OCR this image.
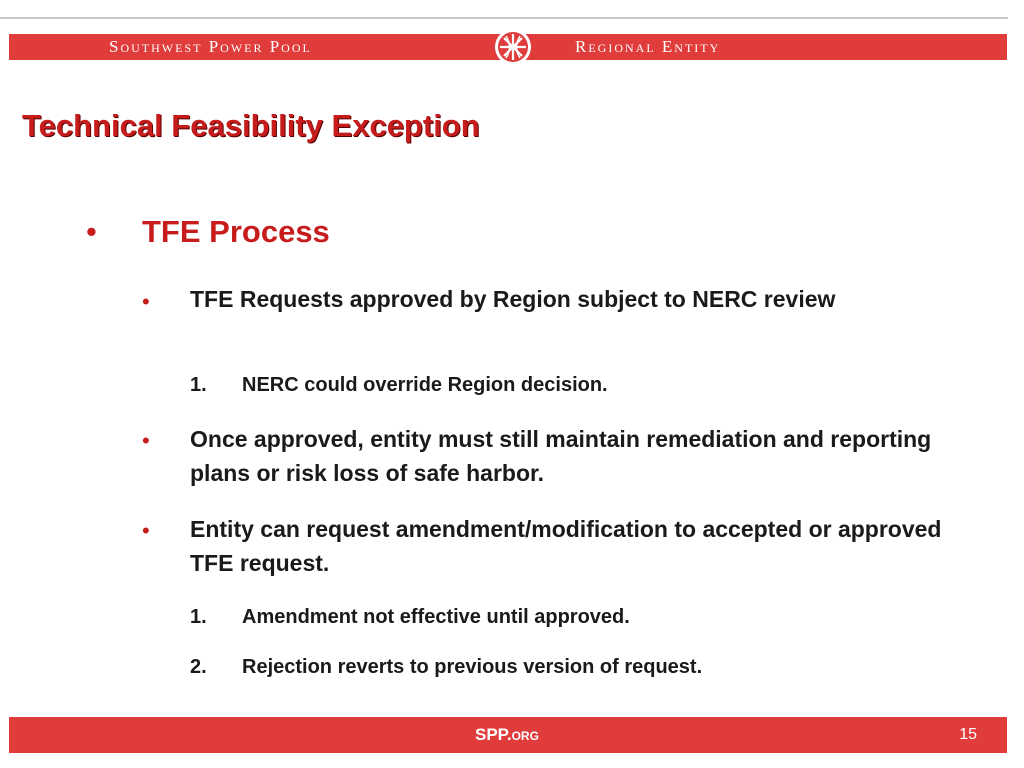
Southwest Power Pool	Regional Entity
Technical Feasibility Exception
• TFE Process
• TFE Requests approved by Region subject to NERC review
1. NERC could override Region decision.
• Once approved, entity must still maintain remediation and reporting plans or risk loss of safe harbor.
• Entity can request amendment/modification to accepted or approved TFE request.
1. Amendment not effective until approved.
2. Rejection reverts to previous version of request.
SPP.org	15
